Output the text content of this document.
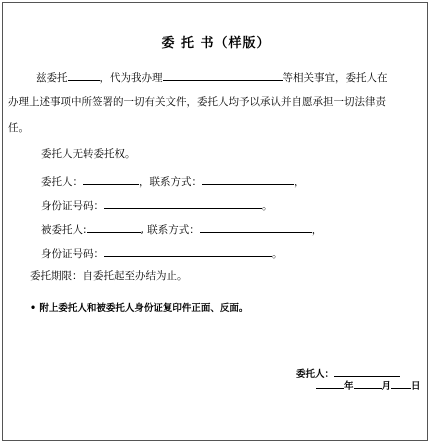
委 托 书（样版）
兹委托	，代为我办理	等相关事宜，委托人在
办理上述事项中所签署的一切有关文件，委托人均予以承认并自愿承担一切法律责
任。
委托人无转委托权。
委托人：	，联系方式：	，
身份证号码：	。
被委托人:	, 联系方式：	，
身份证号码：	。
委托期限：自委托起至办结为止。
• 附上委托人和被委托人身份证复印件正面、反面。
委托人：
年	月 日
